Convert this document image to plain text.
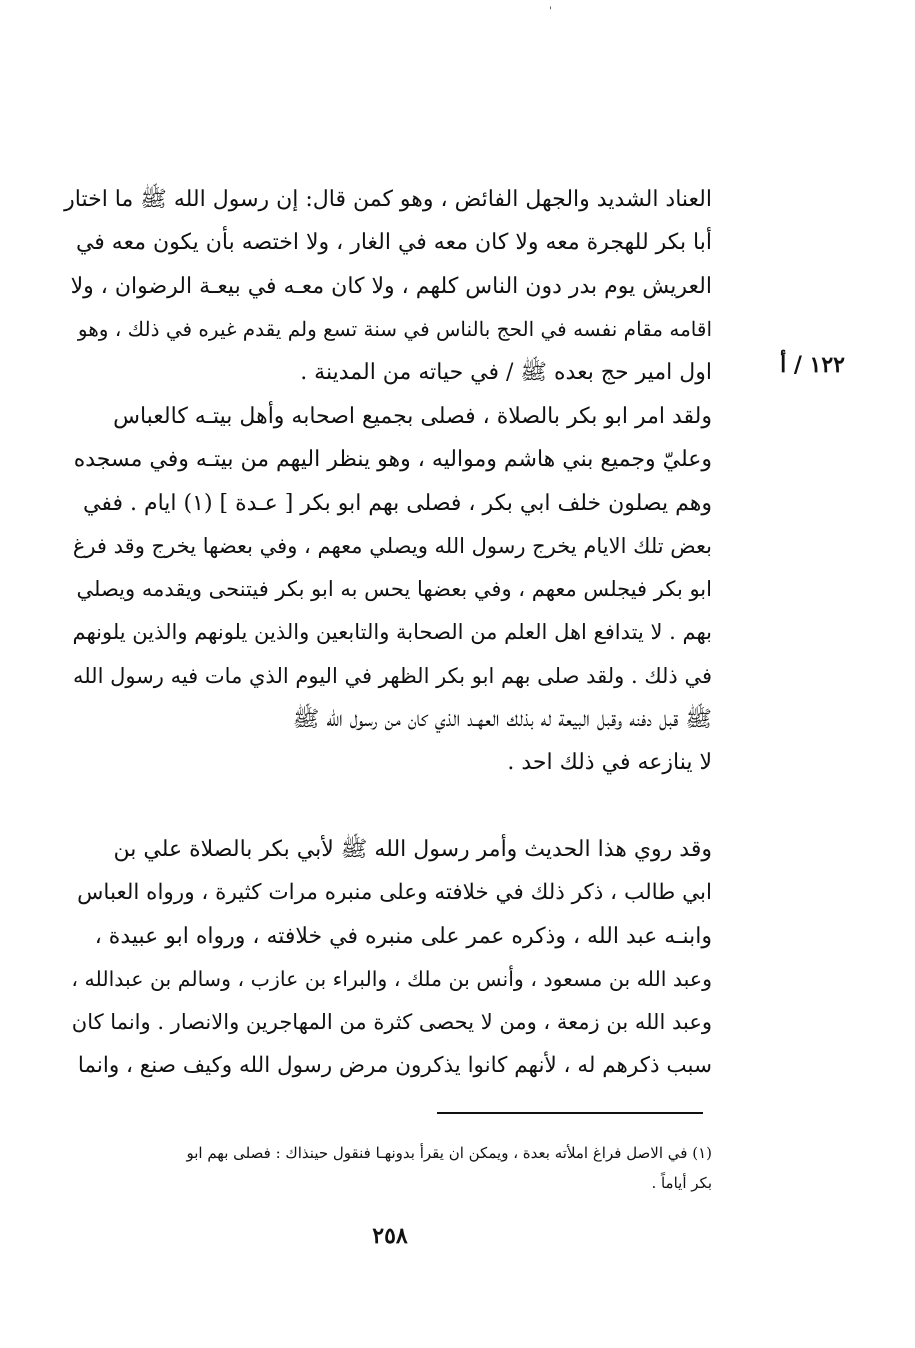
'
١٢٢ / أ
العناد الشديد والجهل الفائض ، وهو كمن قال: إن رسول الله ﷺ ما اختار
أبا بكر للهجرة معه ولا كان معه في الغار ، ولا اختصه بأن يكون معه في
العريش يوم بدر دون الناس كلهم ، ولا كان معـه في بيعـة الرضوان ، ولا
اقامه مقام نفسه في الحج بالناس في سنة تسع ولم يقدم غيره في ذلك ، وهو
اول امير حج بعده ﷺ / في حياته من المدينة .
ولقد امر ابو بكر بالصلاة ، فصلى بجميع اصحابه وأهل بيتـه كالعباس
وعليّ وجميع بني هاشم ومواليه ، وهو ينظر اليهم من بيتـه وفي مسجده
وهم يصلون خلف ابي بكر ، فصلى بهم ابو بكر [ عـدة ] (١) ايام . ففي
بعض تلك الايام يخرج رسول الله ويصلي معهم ، وفي بعضها يخرج وقد فرغ
ابو بكر فيجلس معهم ، وفي بعضها يحس به ابو بكر فيتنحى ويقدمه ويصلي
بهم . لا يتدافع اهل العلم من الصحابة والتابعين والذين يلونهم والذين يلونهم
في ذلك . ولقد صلى بهم ابو بكر الظهر في اليوم الذي مات فيه رسول الله
ﷺ قبل دفنه وقبل البيعة له بذلك العهـد الذي كان من رسول الله ﷺ
لا ينازعه في ذلك احد .
وقد روي هذا الحديث وأمر رسول الله ﷺ لأبي بكر بالصلاة علي بن
ابي طالب ، ذكر ذلك في خلافته وعلى منبره مرات كثيرة ، ورواه العباس
وابنـه عبد الله ، وذكره عمر على منبره في خلافته ، ورواه ابو عبيدة ،
وعبد الله بن مسعود ، وأنس بن ملك ، والبراء بن عازب ، وسالم بن عبدالله ،
وعبد الله بن زمعة ، ومن لا يحصى كثرة من المهاجرين والانصار . وانما كان
سبب ذكرهم له ، لأنهم كانوا يذكرون مرض رسول الله وكيف صنع ، وانما
(١) في الاصل فراغ املأته بعدة ، ويمكن ان يقرأ بدونهـا فنقول حينذاك : فصلى بهم ابو
بكر أياماً .
٢٥٨
